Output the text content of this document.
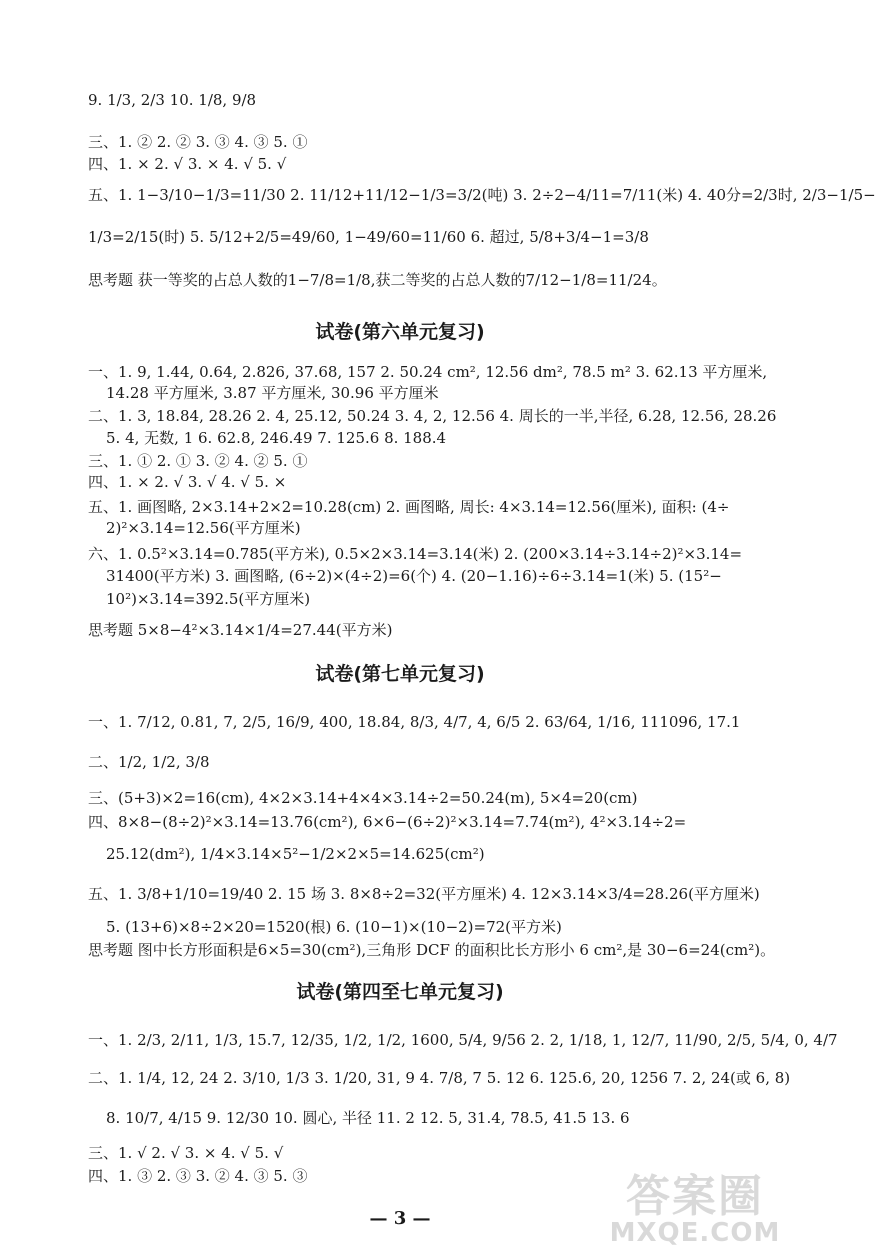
9. 1/3, 2/3 10. 1/8, 9/8
三、1. ② 2. ② 3. ③ 4. ③ 5. ①
四、1. × 2. √ 3. × 4. √ 5. √
五、1. 1−3/10−1/3=11/30 2. 11/12+11/12−1/3=3/2(吨) 3. 2÷2−4/11=7/11(米) 4. 40分=2/3时, 2/3−1/5−
1/3=2/15(时) 5. 5/12+2/5=49/60, 1−49/60=11/60 6. 超过, 5/8+3/4−1=3/8
思考题 获一等奖的占总人数的1−7/8=1/8,获二等奖的占总人数的7/12−1/8=11/24。
试卷(第六单元复习)
一、1. 9, 1.44, 0.64, 2.826, 37.68, 157 2. 50.24 cm², 12.56 dm², 78.5 m² 3. 62.13 平方厘米,
14.28 平方厘米, 3.87 平方厘米, 30.96 平方厘米
二、1. 3, 18.84, 28.26 2. 4, 25.12, 50.24 3. 4, 2, 12.56 4. 周长的一半,半径, 6.28, 12.56, 28.26
5. 4, 无数, 1 6. 62.8, 246.49 7. 125.6 8. 188.4
三、1. ① 2. ① 3. ② 4. ② 5. ①
四、1. × 2. √ 3. √ 4. √ 5. ×
五、1. 画图略, 2×3.14+2×2=10.28(cm) 2. 画图略, 周长: 4×3.14=12.56(厘米), 面积: (4÷
2)²×3.14=12.56(平方厘米)
六、1. 0.5²×3.14=0.785(平方米), 0.5×2×3.14=3.14(米) 2. (200×3.14÷3.14÷2)²×3.14=
31400(平方米) 3. 画图略, (6÷2)×(4÷2)=6(个) 4. (20−1.16)÷6÷3.14=1(米) 5. (15²−
10²)×3.14=392.5(平方厘米)
思考题 5×8−4²×3.14×1/4=27.44(平方米)
试卷(第七单元复习)
一、1. 7/12, 0.81, 7, 2/5, 16/9, 400, 18.84, 8/3, 4/7, 4, 6/5 2. 63/64, 1/16, 111096, 17.1
二、1/2, 1/2, 3/8
三、(5+3)×2=16(cm), 4×2×3.14+4×4×3.14÷2=50.24(m), 5×4=20(cm)
四、8×8−(8÷2)²×3.14=13.76(cm²), 6×6−(6÷2)²×3.14=7.74(m²), 4²×3.14÷2=
25.12(dm²), 1/4×3.14×5²−1/2×2×5=14.625(cm²)
五、1. 3/8+1/10=19/40 2. 15 场 3. 8×8÷2=32(平方厘米) 4. 12×3.14×3/4=28.26(平方厘米)
5. (13+6)×8÷2×20=1520(根) 6. (10−1)×(10−2)=72(平方米)
思考题 图中长方形面积是6×5=30(cm²),三角形 DCF 的面积比长方形小 6 cm²,是 30−6=24(cm²)。
试卷(第四至七单元复习)
一、1. 2/3, 2/11, 1/3, 15.7, 12/35, 1/2, 1/2, 1600, 5/4, 9/56 2. 2, 1/18, 1, 12/7, 11/90, 2/5, 5/4, 0, 4/7
二、1. 1/4, 12, 24 2. 3/10, 1/3 3. 1/20, 31, 9 4. 7/8, 7 5. 12 6. 125.6, 20, 1256 7. 2, 24(或 6, 8)
8. 10/7, 4/15 9. 12/30 10. 圆心, 半径 11. 2 12. 5, 31.4, 78.5, 41.5 13. 6
三、1. √ 2. √ 3. × 4. √ 5. √
四、1. ③ 2. ③ 3. ② 4. ③ 5. ③
— 3 —	答案圈
MXQE.COM
